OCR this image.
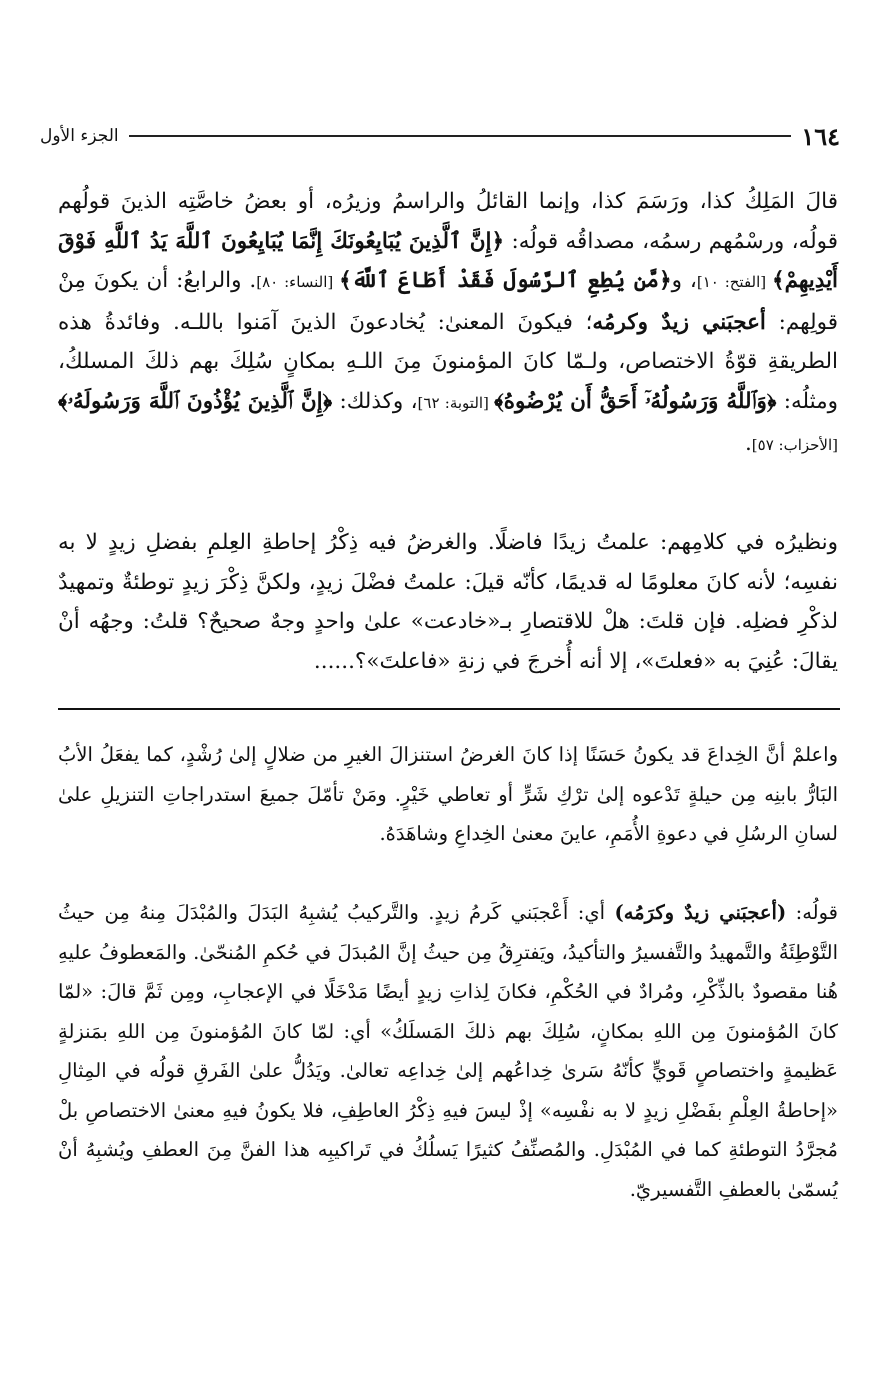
الجزء الأول	١٦٤
قالَ المَلِكُ كذا، ورَسَمَ كذا، وإنما القائلُ والراسمُ وزيرُه، أو بعضُ خاصَّتِه الذينَ قولُهم قولُه، ورسْمُهم رسمُه، مصداقُه قولُه: ﴿إِنَّ ٱلَّذِينَ يُبَايِعُونَكَ إِنَّمَا يُبَايِعُونَ ٱللَّهَ يَدُ ٱللَّهِ فَوْقَ أَيْدِيهِمْ﴾ [الفتح: ١٠]، و﴿مَّن يُطِعِ ٱلرَّسُولَ فَقَدْ أَطَاعَ ٱللَّهَ﴾ [النساء: ٨٠]. والرابعُ: أن يكونَ مِنْ قولِهم: أعجبَني زيدٌ وكرمُه؛ فيكونَ المعنىٰ: يُخادعونَ الذينَ آمَنوا باللـه. وفائدةُ هذه الطريقةِ قوّةُ الاختصاص، ولـمّا كانَ المؤمنونَ مِنَ اللـهِ بمكانٍ سُلِكَ بهم ذلكَ المسلكُ، ومثلُه: ﴿وَٱللَّهُ وَرَسُولُهُۥٓ أَحَقُّ أَن يُرْضُوهُ﴾ [التوبة: ٦٢]، وكذلك: ﴿إِنَّ ٱلَّذِينَ يُؤْذُونَ ٱللَّهَ وَرَسُولَهُۥ﴾ [الأحزاب: ٥٧].
ونظيرُه في كلامِهم: علمتُ زيدًا فاضلًا. والغرضُ فيه ذِكْرُ إحاطةِ العِلمِ بفضلِ زيدٍ لا به نفسِه؛ لأنه كانَ معلومًا له قديمًا، كأنّه قيلَ: علمتُ فضْلَ زيدٍ، ولكنَّ ذِكْرَ زيدٍ توطئةٌ وتمهيدٌ لذكْرِ فضلِه. فإن قلتَ: هلْ للاقتصارِ بـ«خادعت» علىٰ واحدٍ وجهٌ صحيحٌ؟ قلتُ: وجهُه أنْ يقالَ: عُنِيَ به «فعلتَ»، إلا أنه أُخرجَ في زنةِ «فاعلتَ»؟......
واعلمْ أنَّ الخِداعَ قد يكونُ حَسَنًا إذا كانَ الغرضُ استنزالَ الغيرِ من ضلالٍ إلىٰ رُشْدٍ، كما يفعَلُ الأبُ البَارُّ بابنِه مِن حيلةٍ تَدْعوه إلىٰ ترْكِ شَرٍّ أو تعاطي خَيْرٍ. ومَنْ تأمّلَ جميعَ استدراجاتِ التنزيلِ علىٰ لسانِ الرسُلِ في دعوةِ الأُمَمِ، عاينَ معنىٰ الخِداعِ وشاهَدَهُ.
قولُه: (أعجبَني زيدٌ وكرَمُه) أي: أَعْجبَني كَرمُ زيدٍ. والتَّركيبُ يُشبِهُ البَدَلَ والمُبْدَلَ مِنهُ مِن حيثُ التَّوْطِئَةُ والتَّمهيدُ والتَّفسيرُ والتأكيدُ، ويَفترِقُ مِن حيثُ إنَّ المُبدَلَ في حُكمِ المُنحّىٰ. والمَعطوفُ عليهِ هُنا مقصودٌ بالذِّكْرِ، ومُرادٌ في الحُكْمِ، فكانَ لِذاتِ زيدٍ أيضًا مَدْخَلًا في الإعجابِ، ومِن ثَمَّ قالَ: «لمّا كانَ المُؤمنونَ مِن اللهِ بمكانٍ، سُلِكَ بهم ذلكَ المَسلَكُ» أي: لمّا كانَ المُؤمنونَ مِن اللهِ بمَنزلةٍ عَظيمةٍ واختصاصٍ قَويٍّ كأنّهُ سَرىٰ خِداعُهم إلىٰ خِداعِه تعالىٰ. ويَدُلُّ علىٰ الفَرقِ قولُه في المِثالِ «إحاطةُ العِلْمِ بفَضْلِ زيدٍ لا به نفْسِه» إذْ ليسَ فيهِ ذِكْرُ العاطِفِ، فلا يكونُ فيهِ معنىٰ الاختصاصِ بلْ مُجرَّدُ التوطئةِ كما في المُبْدَلِ. والمُصنِّفُ كثيرًا يَسلُكُ في تَراكيبِه هذا الفنَّ مِنَ العطفِ ويُشبِهُ أنْ يُسمّىٰ بالعطفِ التَّفسيريّ.
